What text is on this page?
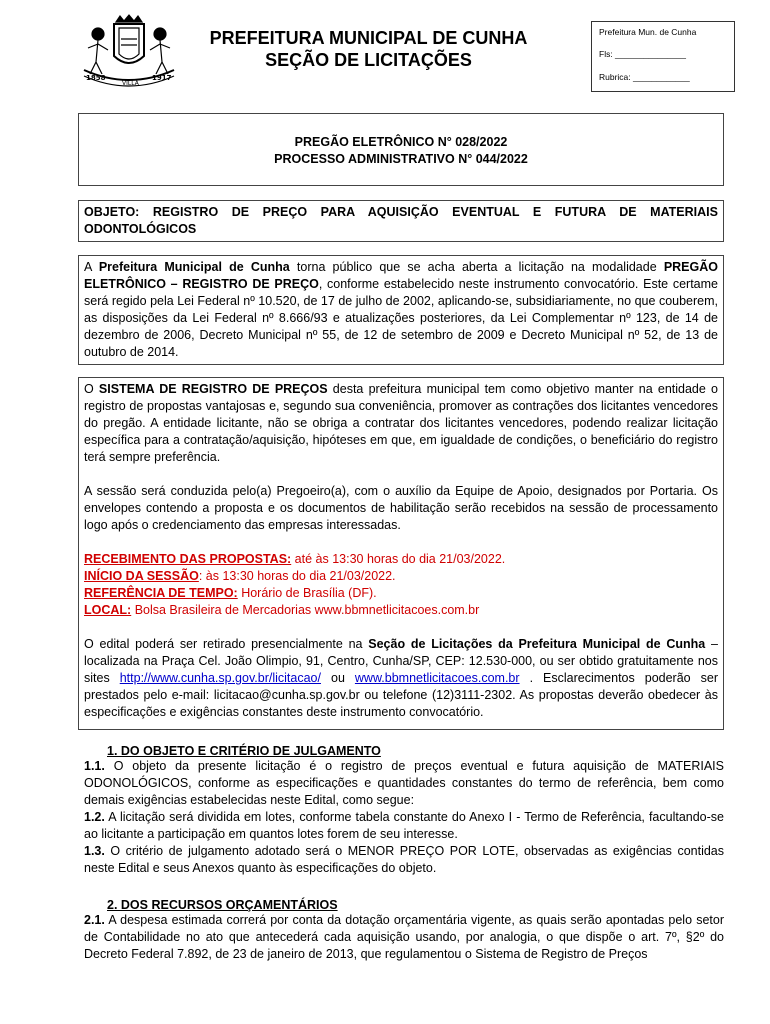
1858
VILLA
1917
PREFEITURA MUNICIPAL DE CUNHA
SEÇÃO DE LICITAÇÕES
Prefeitura Mun. de Cunha
Fls: _______________
Rubrica: ____________
PREGÃO ELETRÔNICO N° 028/2022
PROCESSO ADMINISTRATIVO N° 044/2022
OBJETO: REGISTRO DE PREÇO PARA AQUISIÇÃO EVENTUAL E FUTURA DE MATERIAIS ODONTOLÓGICOS
A Prefeitura Municipal de Cunha torna público que se acha aberta a licitação na modalidade PREGÃO ELETRÔNICO – REGISTRO DE PREÇO, conforme estabelecido neste instrumento convocatório. Este certame será regido pela Lei Federal nº 10.520, de 17 de julho de 2002, aplicando-se, subsidiariamente, no que couberem, as disposições da Lei Federal nº 8.666/93 e atualizações posteriores, da Lei Complementar nº 123, de 14 de dezembro de 2006, Decreto Municipal nº 55, de 12 de setembro de 2009 e Decreto Municipal nº 52, de 13 de outubro de 2014.
O SISTEMA DE REGISTRO DE PREÇOS desta prefeitura municipal tem como objetivo manter na entidade o registro de propostas vantajosas e, segundo sua conveniência, promover as contrações dos licitantes vencedores do pregão. A entidade licitante, não se obriga a contratar dos licitantes vencedores, podendo realizar licitação específica para a contratação/aquisição, hipóteses em que, em igualdade de condições, o beneficiário do registro terá sempre preferência.
A sessão será conduzida pelo(a) Pregoeiro(a), com o auxílio da Equipe de Apoio, designados por Portaria. Os envelopes contendo a proposta e os documentos de habilitação serão recebidos na sessão de processamento logo após o credenciamento das empresas interessadas.
RECEBIMENTO DAS PROPOSTAS: até às 13:30 horas do dia 21/03/2022.
INÍCIO DA SESSÃO: às 13:30 horas do dia 21/03/2022.
REFERÊNCIA DE TEMPO: Horário de Brasília (DF).
LOCAL: Bolsa Brasileira de Mercadorias www.bbmnetlicitacoes.com.br
O edital poderá ser retirado presencialmente na Seção de Licitações da Prefeitura Municipal de Cunha – localizada na Praça Cel. João Olimpio, 91, Centro, Cunha/SP, CEP: 12.530-000, ou ser obtido gratuitamente nos sites http://www.cunha.sp.gov.br/licitacao/ ou www.bbmnetlicitacoes.com.br . Esclarecimentos poderão ser prestados pelo e-mail: licitacao@cunha.sp.gov.br ou telefone (12)3111-2302. As propostas deverão obedecer às especificações e exigências constantes deste instrumento convocatório.
1. DO OBJETO E CRITÉRIO DE JULGAMENTO
1.1. O objeto da presente licitação é o registro de preços eventual e futura aquisição de MATERIAIS ODONOLÓGICOS, conforme as especificações e quantidades constantes do termo de referência, bem como demais exigências estabelecidas neste Edital, como segue:
1.2. A licitação será dividida em lotes, conforme tabela constante do Anexo I - Termo de Referência, facultando-se ao licitante a participação em quantos lotes forem de seu interesse.
1.3. O critério de julgamento adotado será o MENOR PREÇO POR LOTE, observadas as exigências contidas neste Edital e seus Anexos quanto às especificações do objeto.
2. DOS RECURSOS ORÇAMENTÁRIOS
2.1. A despesa estimada correrá por conta da dotação orçamentária vigente, as quais serão apontadas pelo setor de Contabilidade no ato que antecederá cada aquisição usando, por analogia, o que dispõe o art. 7º, §2º do Decreto Federal 7.892, de 23 de janeiro de 2013, que regulamentou o Sistema de Registro de Preços
